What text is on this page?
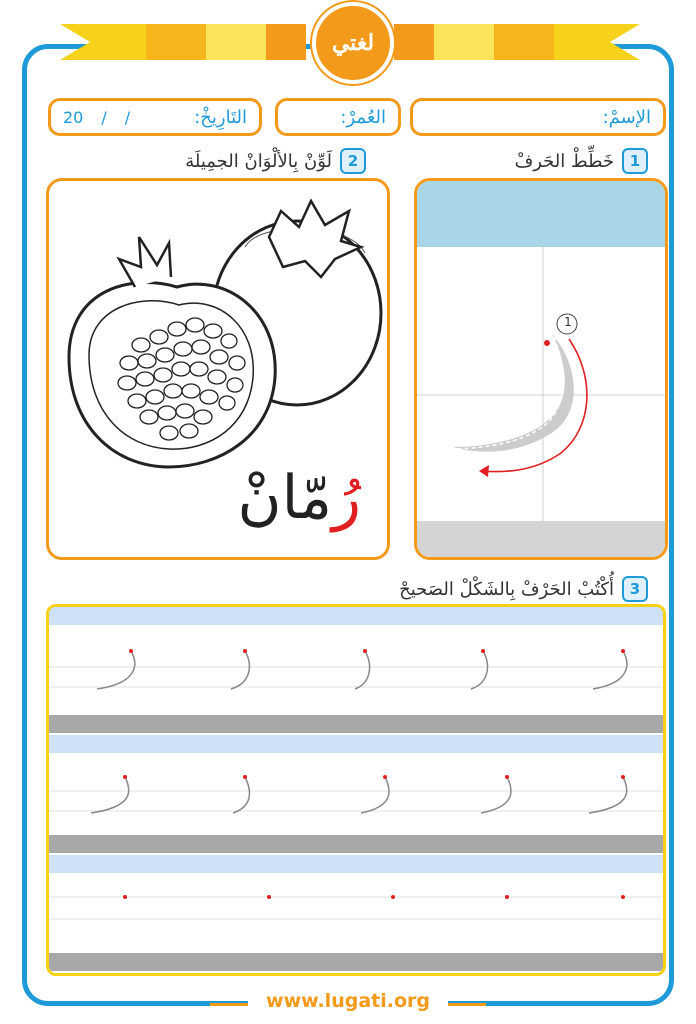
لغتي
الإسمْ:
العُمرْ:
التَارِيخْ:
20 / /
1
خَطِّطْ الحَرفْ
2
لَوِّنْ بِالألْوَانْ الجمِيلَة
1
رُمّانْ
3
أُكْتُبْ الحَرْفْ بِالشَكْلْ الصَحيحْ
www.lugati.org
